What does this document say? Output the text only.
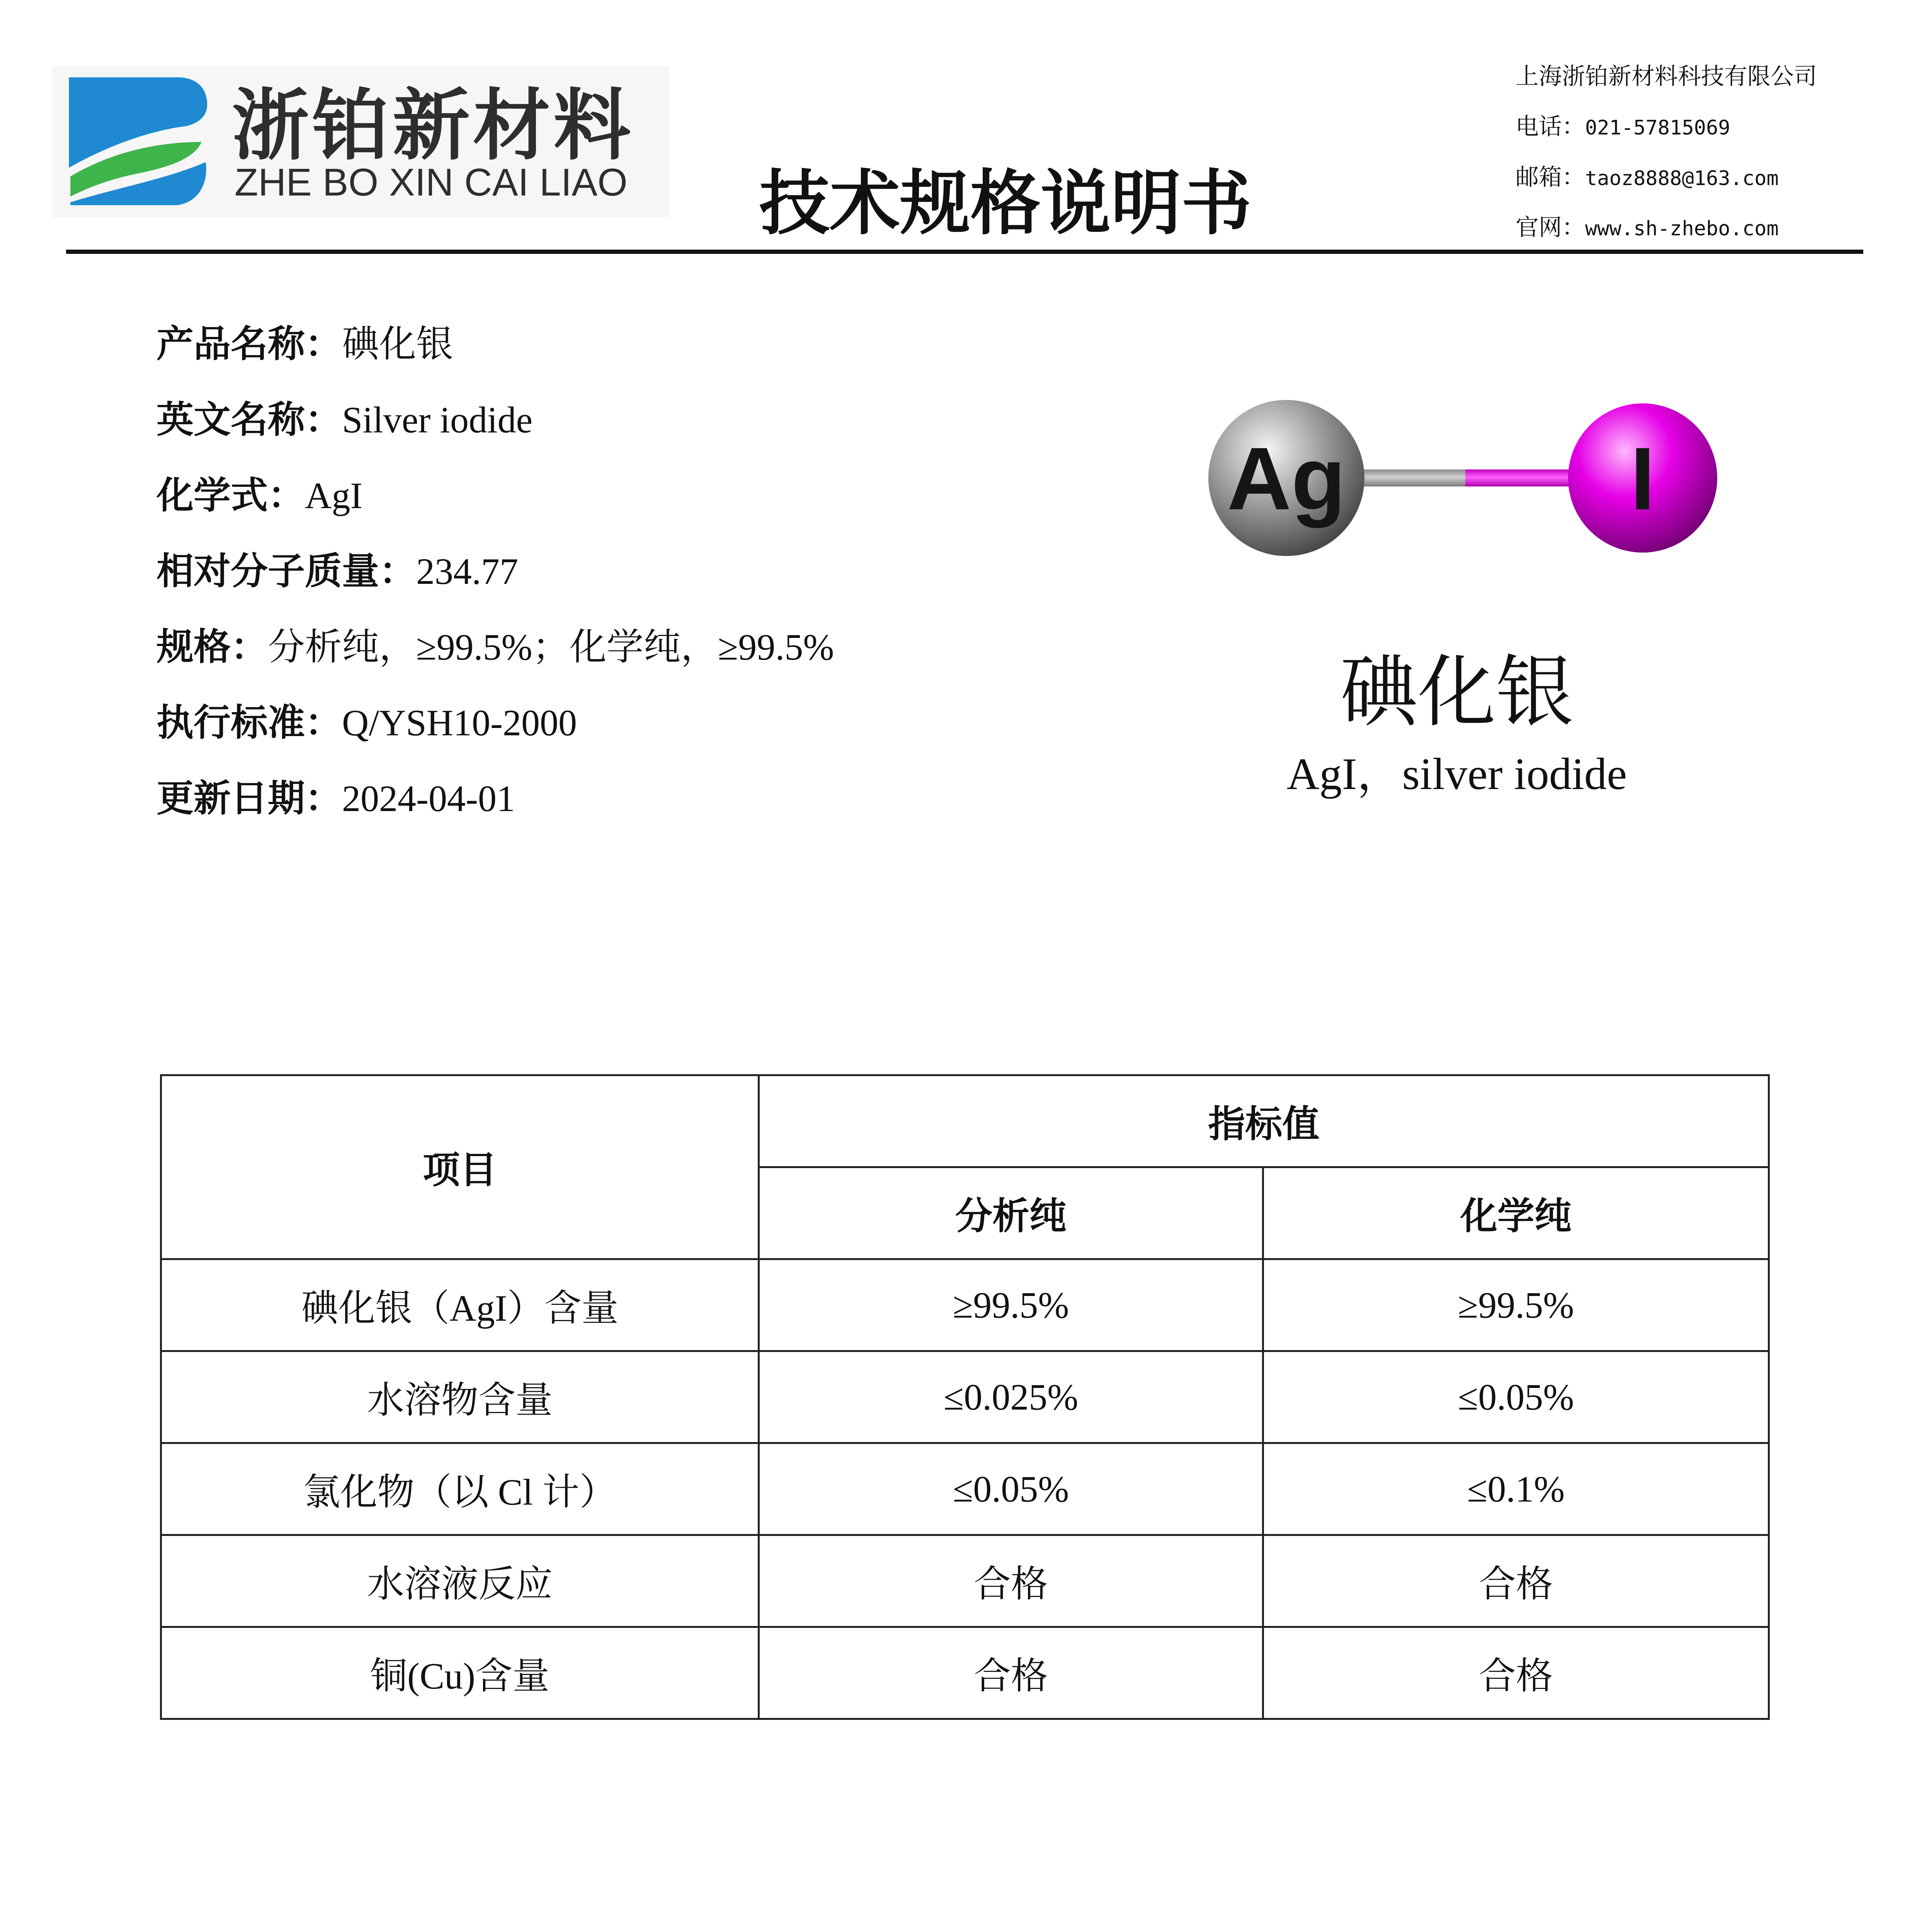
浙铂新材料
ZHE BO XIN CAI LIAO 技术规格说明书
上海浙铂新材料科技有限公司
电话：021-57815069
邮箱：taoz8888@163.com
官网：www.sh-zhebo.com
产品名称：碘化银
英文名称：Silver iodide
化学式：AgI
相对分子质量：234.77
规格：分析纯，≥99.5%；化学纯，≥99.5%
执行标准：Q/YSH10-2000
更新日期：2024-04-01
Ag	I
碘化银
AgI，silver iodide
项目	指标值	
	分析纯	化学纯
碘化银（AgI）含量	≥99.5%	≥99.5%
水溶物含量	≤0.025%	≤0.05%
氯化物（以 Cl 计）	≤0.05%	≤0.1%
水溶液反应	合格	合格
铜(Cu)含量	合格	合格
